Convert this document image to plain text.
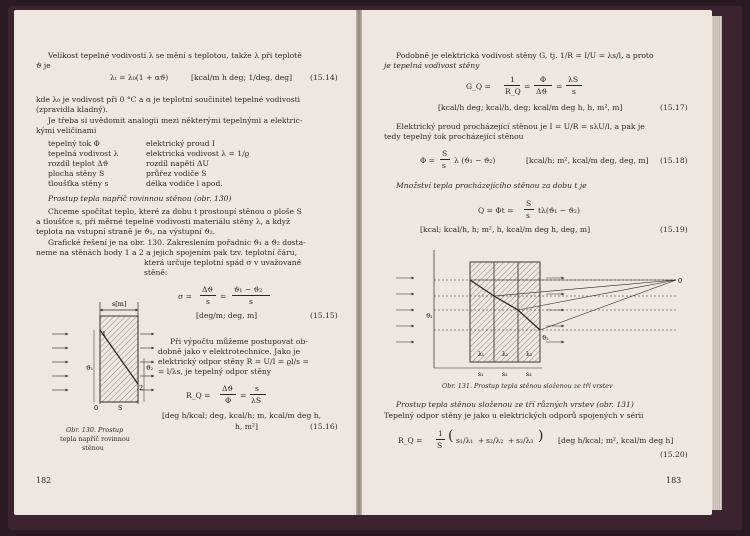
Velikost tepelné vodivosti λ se mění s teplotou, takže λ při teplotě
ϑ je
λₜ = λ₀(1 + αϑ)	[kcal/m h deg; 1/deg, deg] (15.14)
kde λ₀ je vodivost při 0 °C a α je teplotní součinitel tepelné vodivosti
(zpravidla kladný).
Je třeba si uvědomit analogii mezi některými tepelnými a elektric-
kými veličinami
tepelný tok Φ	elektrický proud I
tepelná vodivost λ	elektrická vodivost λ = 1/ϱ
rozdíl teplot Δϑ	rozdíl napětí ΔU
plocha stěny S	průřez vodiče S
tloušťka stěny s	délka vodiče l apod.
Prostup tepla napříč rovinnou stěnou (obr. 130)
Chceme spočítat teplo, které za dobu t prostoupí stěnou o ploše S
a tloušťce s, při měrné tepelné vodivosti materiálu stěny λ, a když
teplota na vstupní straně je ϑ₁, na výstupní ϑ₂.
Grafické řešení je na obr. 130. Zakreslením pořadnic ϑ₁ a ϑ₂ dosta-
neme na stěnách body 1 a 2 a jejich spojením pak tzv. teplotní čáru,
která určuje teplotní spád σ v uvažované
stěně:
σ =
Δϑ
s
=
ϑ₁ − ϑ₂
s
[deg/m; deg, m]	(15.15)
Při výpočtu můžeme postupovat ob-
dobně jako v elektrotechnice. Jako je
elektrický odpor stěny R = U/I = ϱl/s =
= l/λs, je tepelný odpor stěny
R_Q =
Δϑ
Φ
=
s
λS
[deg h/kcal; deg, kcal/h; m, kcal/m deg h,
h, m²]	(15.16)
s[m]
ϑ₁	ϑ₂
1
2
0	S
Obr. 130. Prostup
tepla napříč rovinnou
stěnou
182
Podobně je elektrická vodivost stěny G, tj. 1/R = I/U = λs/l, a proto
je tepelná vodivost stěny
G_Q =
1
R_Q
=
Φ
Δϑ
=
λS
s
[kcal/h deg; kcal/h, deg; kcal/m deg h, h, m², m]	(15.17)
Elektrický proud procházející stěnou je I = U/R = sλU/l, a pak je
tedy tepelný tok procházející stěnou
Φ =
S
s
λ (ϑ₁ − ϑ₂)	[kcal/h; m², kcal/m deg, deg, m] (15.18)
Množství tepla procházejícího stěnou za dobu t je
Q = Φt =
S
s
tλ(ϑ₁ − ϑ₂)
[kcal; kcal/h, h; m², h, kcal/m deg h, deg, m]	(15.19)
0
ϑ₁
ϑ₂
λ₁	λ₂	λ₃
s₁	s₂	s₃
Obr. 131. Prostup tepla stěnou složenou ze tří vrstev
Prostup tepla stěnou složenou ze tří různých vrstev (obr. 131)
Tepelný odpor stěny je jako u elektrických odporů spojených v sérii
R_Q =
1
S
( s₁/λ₁ + s₂/λ₂ + s₃/λ₃ ) [deg h/kcal; m², kcal/m deg h]
(15.20)
183
